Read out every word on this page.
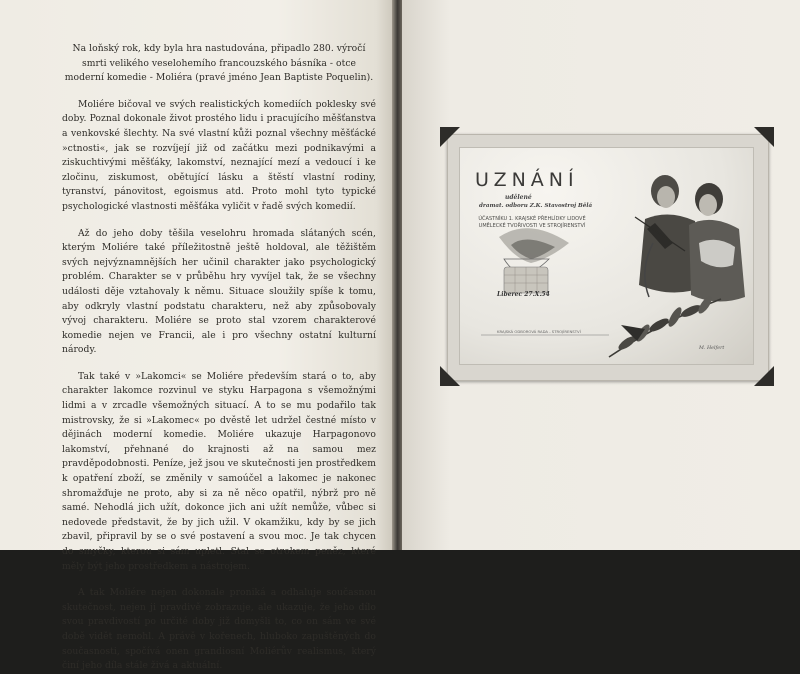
Na loňský rok, kdy byla hra nastudována, připadlo 280. výročí smrti velikého veselohemího francouzského básníka - otce moderní komedie - Moliéra (pravé jméno Jean Baptiste Poquelin).

Moliére bičoval ve svých realistických komediích poklesky své doby. Poznal dokonale život prostého lidu i pracujícího měšťanstva a venkovské šlechty. Na své vlastní kůži poznal všechny měšťácké »ctnosti«, jak se rozvíjejí již od začátku mezi podnikavými a ziskuchtivými měšťáky, lakomství, neznající mezí a vedoucí i ke zločinu, ziskumost, obětující lásku a štěstí vlastní rodiny, tyranství, pánovitost, egoismus atd. Proto mohl tyto typické psychologické vlastnosti měšťáka vyličit v řadě svých komedií.

Až do jeho doby těšila veselohru hromada slátaných scén, kterým Moliére také příležitostně ještě holdoval, ale těžištěm svých nejvýznamnějších her učinil charakter jako psychologický problém. Charakter se v průběhu hry vyvíjel tak, že se všechny události děje vztahovaly k němu. Situace sloužily spíše k tomu, aby odkryly vlastní podstatu charakteru, než aby způsobovaly vývoj charakteru. Moliére se proto stal vzorem charakterové komedie nejen ve Francii, ale i pro všechny ostatní kulturní národy.

Tak také v »Lakomci« se Moliére především stará o to, aby charakter lakomce rozvinul ve styku Harpagona s všemožnými lidmi a v zrcadle všemožných situací. A to se mu podařilo tak mistrovsky, že si »Lakomec« po dvěstě let udržel čestné místo v dějinách moderní komedie. Moliére ukazuje Harpagonovo lakomství, přehnané do krajnosti až na samou mez pravděpodobnosti. Peníze, jež jsou ve skutečnosti jen prostředkem k opatření zboží, se změnily v samoúčel a lakomec je nakonec shromažďuje ne proto, aby si za ně něco opatřil, nýbrž pro ně samé. Nehodlá jich užít, dokonce jich ani užít nemůže, vůbec si nedovede představit, že by jich užil. V okamžiku, kdy by se jich zbavil, připravil by se o své postavení a svou moc. Je tak chycen do smyčky, kterou si sám upletl. Stal se otrokem peněz, které měly být jeho prostředkem a nástrojem.

A tak Moliére nejen dokonale proniká a odhaluje současnou skutečnost, nejen ji pravdivě zobrazuje, ale ukazuje, že jeho dílo svou pravdivostí po určité doby již domyšli to, co on sám ve své době vidět nemohl. A právě v kořenech, hluboko zapuštěných do současnosti, spočívá onen grandiosní Moliérův realismus, který činí jeho díla stále živá a aktuální.

UZNÁNÍ
udělené
dramat. odboru Z.K. Stavostroj Bělá
ÚČASTNÍKU 1. KRAJSKÉ PŘEHLÍDKY LIDOVÉ UMĚLECKÉ TVOŘIVOSTI VE STROJÍRENSTVÍ
Liberec 27.X.54
KRAJSKÁ ODBOROVÁ RADA - STROJÍRENSTVÍ
M. Helfert
